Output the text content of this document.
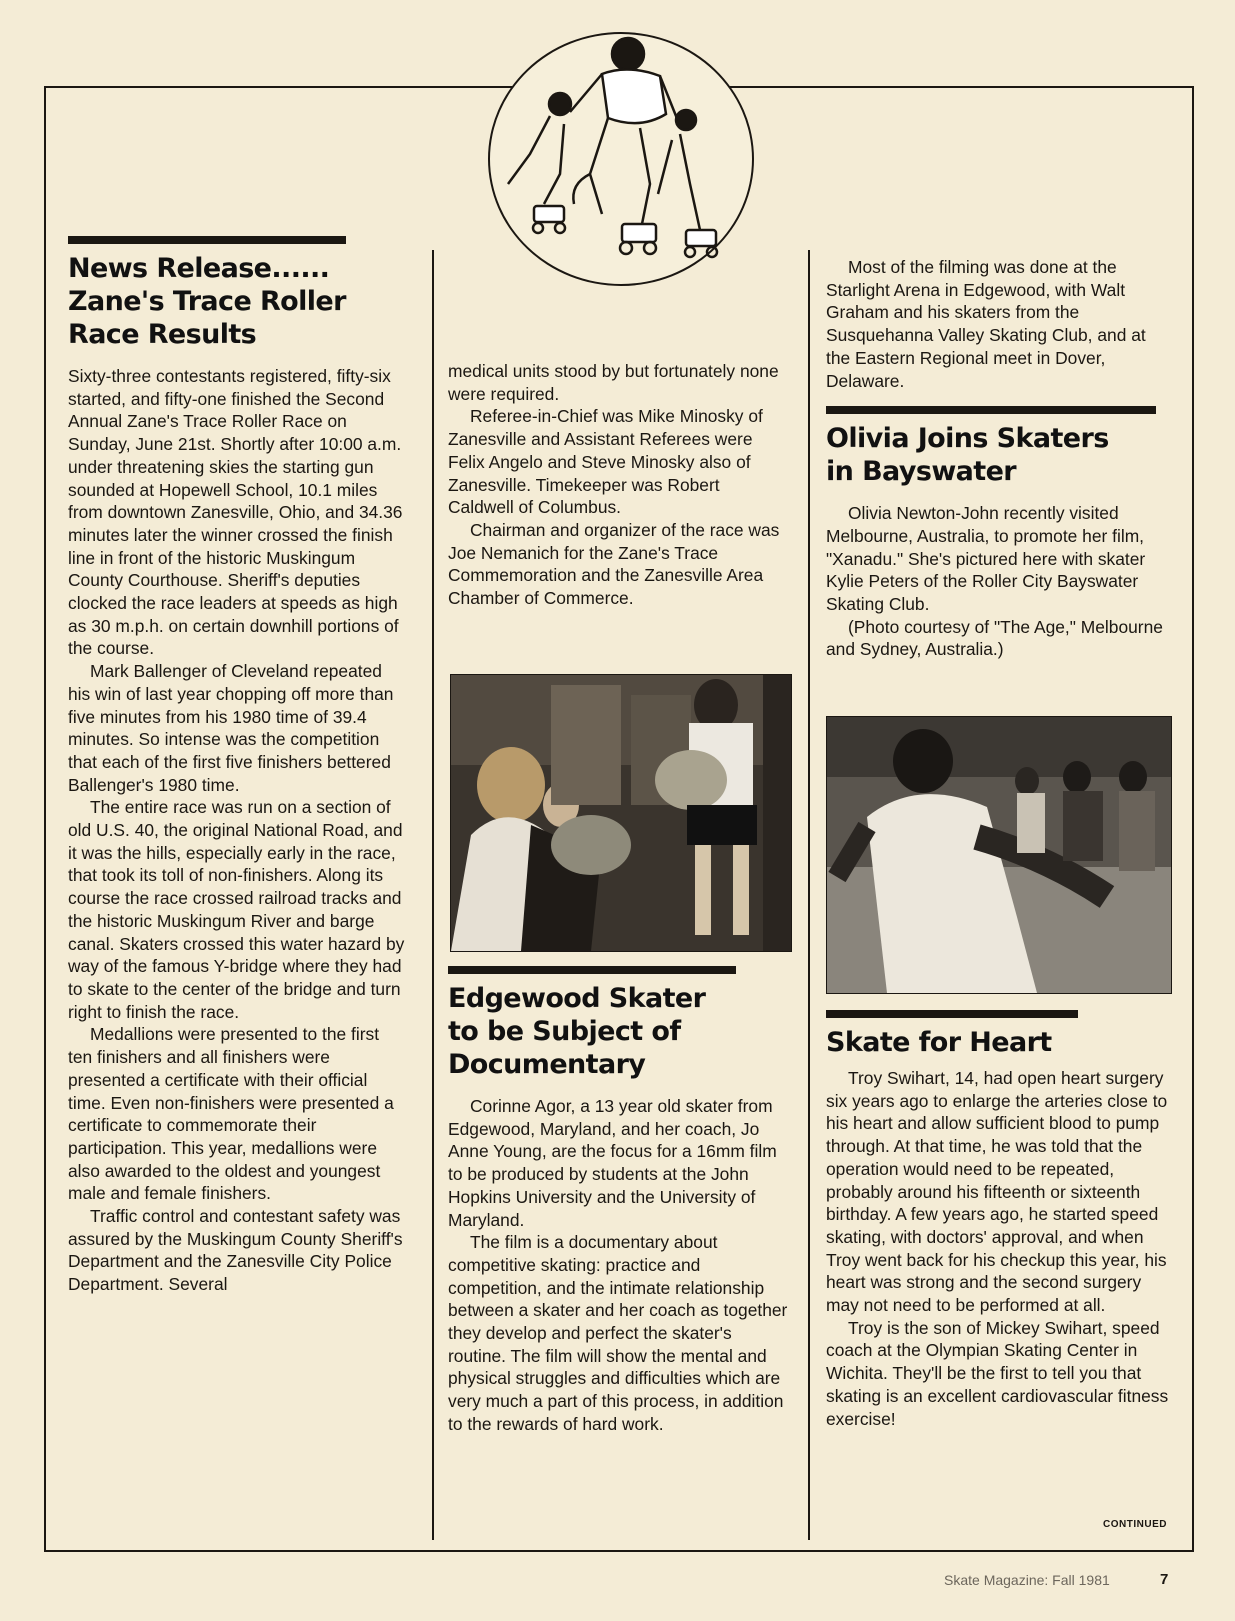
News Release......
Zane's Trace Roller
Race Results

Sixty-three contestants registered, fifty-six started, and fifty-one finished the Second Annual Zane's Trace Roller Race on Sunday, June 21st. Shortly after 10:00 a.m. under threatening skies the starting gun sounded at Hopewell School, 10.1 miles from downtown Zanesville, Ohio, and 34.36 minutes later the winner crossed the finish line in front of the historic Muskingum County Courthouse. Sheriff's deputies clocked the race leaders at speeds as high as 30 m.p.h. on certain downhill portions of the course.

Mark Ballenger of Cleveland repeated his win of last year chopping off more than five minutes from his 1980 time of 39.4 minutes. So intense was the competition that each of the first five finishers bettered Ballenger's 1980 time.

The entire race was run on a section of old U.S. 40, the original National Road, and it was the hills, especially early in the race, that took its toll of non-finishers. Along its course the race crossed railroad tracks and the historic Muskingum River and barge canal. Skaters crossed this water hazard by way of the famous Y-bridge where they had to skate to the center of the bridge and turn right to finish the race.

Medallions were presented to the first ten finishers and all finishers were presented a certificate with their official time. Even non-finishers were presented a certificate to commemorate their participation. This year, medallions were also awarded to the oldest and youngest male and female finishers.

Traffic control and contestant safety was assured by the Muskingum County Sheriff's Department and the Zanesville City Police Department. Several

medical units stood by but fortunately none were required.

Referee-in-Chief was Mike Minosky of Zanesville and Assistant Referees were Felix Angelo and Steve Minosky also of Zanesville. Timekeeper was Robert Caldwell of Columbus.

Chairman and organizer of the race was Joe Nemanich for the Zane's Trace Commemoration and the Zanesville Area Chamber of Commerce.

Edgewood Skater
to be Subject of
Documentary

Corinne Agor, a 13 year old skater from Edgewood, Maryland, and her coach, Jo Anne Young, are the focus for a 16mm film to be produced by students at the John Hopkins University and the University of Maryland.

The film is a documentary about competitive skating: practice and competition, and the intimate relationship between a skater and her coach as together they develop and perfect the skater's routine. The film will show the mental and physical struggles and difficulties which are very much a part of this process, in addition to the rewards of hard work.

Most of the filming was done at the Starlight Arena in Edgewood, with Walt Graham and his skaters from the Susquehanna Valley Skating Club, and at the Eastern Regional meet in Dover, Delaware.

Olivia Joins Skaters
in Bayswater

Olivia Newton-John recently visited Melbourne, Australia, to promote her film, "Xanadu." She's pictured here with skater Kylie Peters of the Roller City Bayswater Skating Club.

(Photo courtesy of "The Age," Melbourne and Sydney, Australia.)

Skate for Heart

Troy Swihart, 14, had open heart surgery six years ago to enlarge the arteries close to his heart and allow sufficient blood to pump through. At that time, he was told that the operation would need to be repeated, probably around his fifteenth or sixteenth birthday. A few years ago, he started speed skating, with doctors' approval, and when Troy went back for his checkup this year, his heart was strong and the second surgery may not need to be performed at all.

Troy is the son of Mickey Swihart, speed coach at the Olympian Skating Center in Wichita. They'll be the first to tell you that skating is an excellent cardiovascular fitness exercise!

CONTINUED
Skate Magazine: Fall 1981	7
